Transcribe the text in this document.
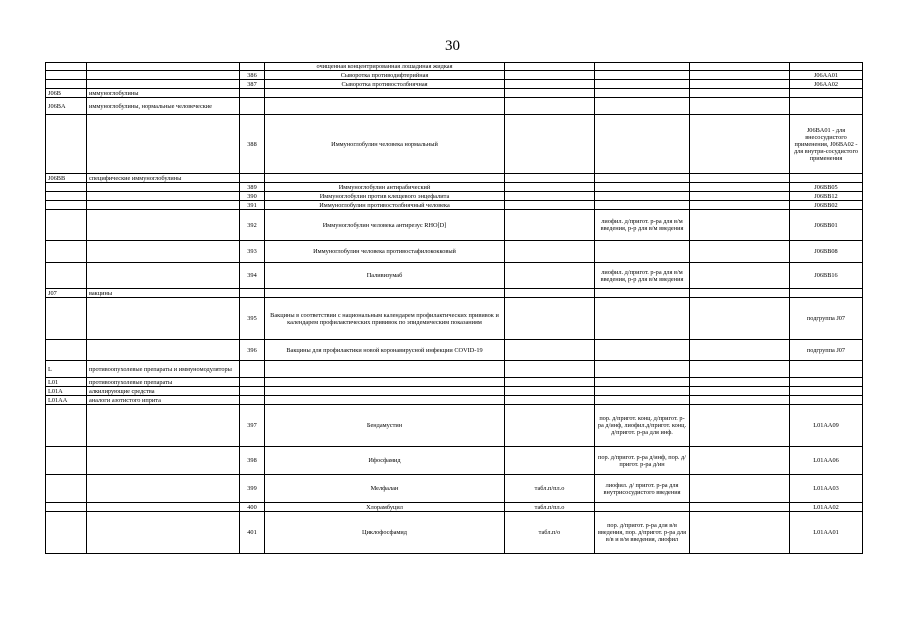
30
			очищенная концентрированная лошадиная жидкая				
		386	Сыворотка противодифтерийная				J06AA01
		387	Сыворотка противостолбнячная				J06AA02
J06B	иммуноглобулины						
J06BA	иммуноглобулины, нормальные человеческие						
		388	Иммуноглобулин человека нормальный				J06BA01 - для внесосудистого применения, J06BA02 - для внутри-сосудистого применения
J06BB	специфические иммуноглобулины						
		389	Иммуноглобулин антирабический				J06BB05
		390	Иммуноглобулин против клещевого энцефалита				J06BB12
		391	Иммуноглобулин противостолбнячный человека				J06BB02
		392	Иммуноглобулин человека антирезус RHO[D]		лиофил. д/пригот. р-ра для в/м введения, р-р для в/м введения		J06BB01
		393	Иммуноглобулин человека противостафилококковый				J06BB08
		394	Паливизумаб		лиофил. д/пригот. р-ра для в/м введения, р-р для в/м введения		J06BB16
J07	вакцины						
		395	Вакцины в соответствии с национальным календарем профилактических прививок и календарем профилактических прививок по эпидемическим показаниям				подгруппа J07
		396	Вакцины для профилактики новой коронавирусной инфекции COVID-19				подгруппа J07
L	противоопухолевые препараты и иммуномодуляторы						
L01	противоопухолевые препараты						
L01A	алкилирующие средства						
L01AA	аналоги азотистого иприта						
		397	Бендамустин		пор. д/пригот. конц. д/пригот. р-ра д/инф, лиофил.д/пригот. конц. д/пригот. р-ра для инф.		L01AA09
		398	Ифосфамид		пор. д/пригот. р-ра д/инф, пор. д/пригот. р-ра д/ин		L01AA06
		399	Мелфалан	табл.п/пл.о	лиофил. д/ пригот. р-ра для внутрисосудистого введения		L01AA03
		400	Хлорамбуцил	табл.п/пл.о			L01AA02
		401	Циклофосфамид	табл.п/о	пор. д/пригот. р-ра для в/в введения, пор. д/пригот. р-ра для в/в и в/м введения, лиофил		L01AA01
